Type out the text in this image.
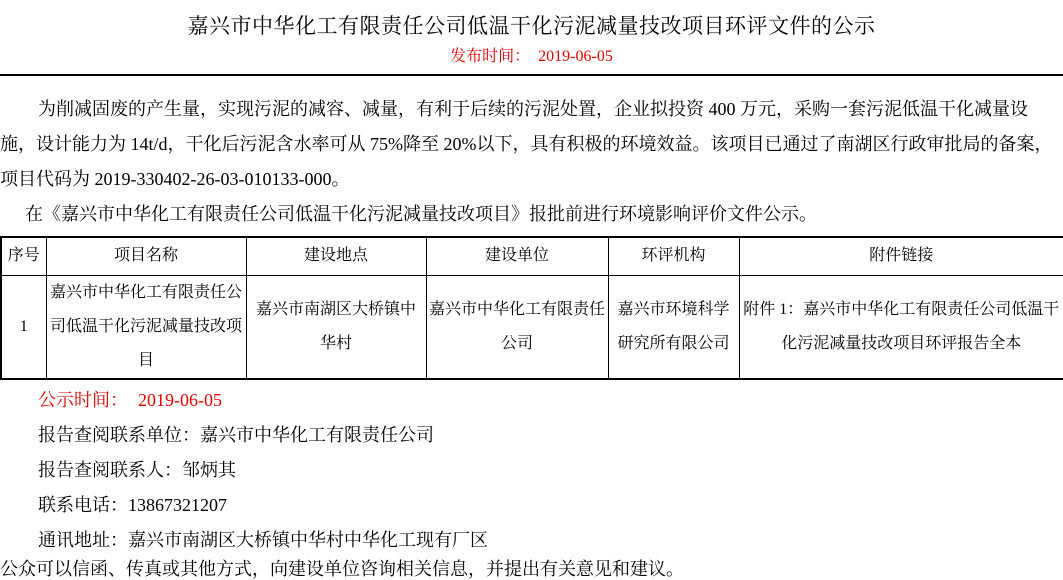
嘉兴市中华化工有限责任公司低温干化污泥减量技改项目环评文件的公示
发布时间： 2019-06-05

为削减固废的产生量，实现污泥的减容、减量，有利于后续的污泥处置，企业拟投资 400 万元，采购一套污泥低温干化减量设施，设计能力为 14t/d，干化后污泥含水率可从 75%降至 20%以下，具有积极的环境效益。该项目已通过了南湖区行政审批局的备案，项目代码为 2019-330402-26-03-010133-000。

在《嘉兴市中华化工有限责任公司低温干化污泥减量技改项目》报批前进行环境影响评价文件公示。

序号	项目名称	建设地点	建设单位	环评机构	附件链接
1	嘉兴市中华化工有限责任公司低温干化污泥减量技改项目	嘉兴市南湖区大桥镇中华村	嘉兴市中华化工有限责任公司	嘉兴市环境科学研究所有限公司	附件 1：嘉兴市中华化工有限责任公司低温干化污泥减量技改项目环评报告全本

公示时间： 2019-06-05

报告查阅联系单位：嘉兴市中华化工有限责任公司

报告查阅联系人：邹炳其

联系电话：13867321207

通讯地址：嘉兴市南湖区大桥镇中华村中华化工现有厂区

公众可以信函、传真或其他方式，向建设单位咨询相关信息，并提出有关意见和建议。
